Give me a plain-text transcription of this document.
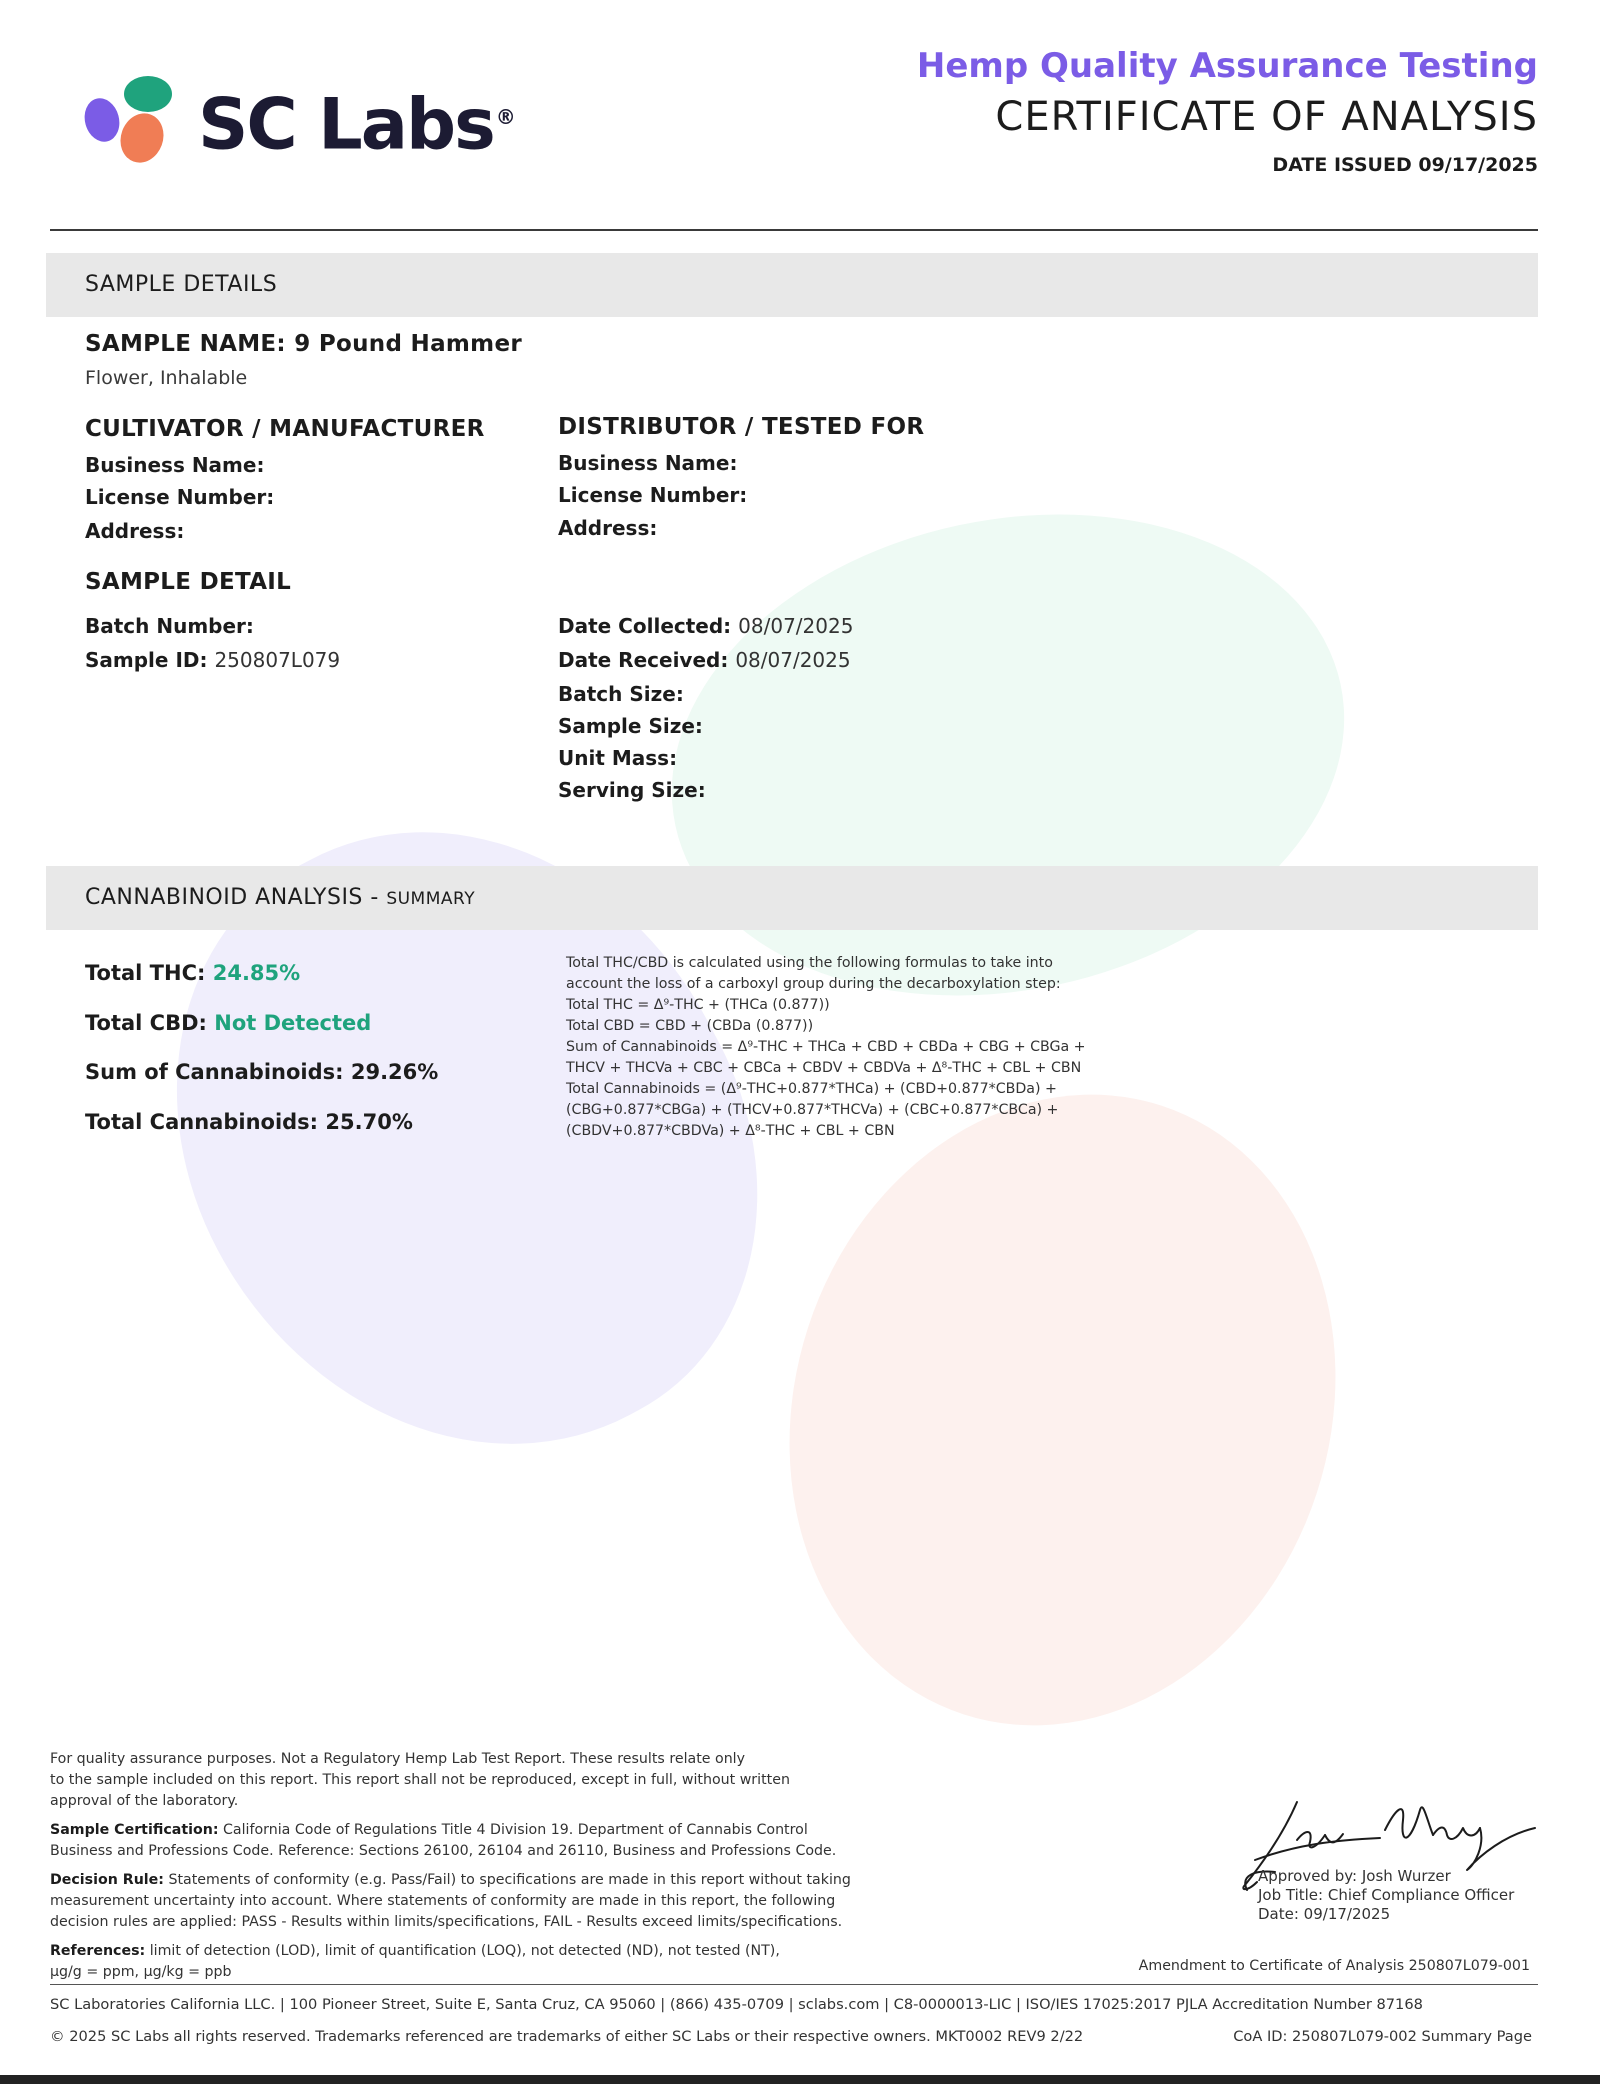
SC Labs ®
Hemp Quality Assurance Testing
CERTIFICATE OF ANALYSIS
DATE ISSUED 09/17/2025
SAMPLE DETAILS
SAMPLE NAME: 9 Pound Hammer
Flower, Inhalable
CULTIVATOR / MANUFACTURER
Business Name:
License Number:
Address:
DISTRIBUTOR / TESTED FOR
Business Name:
License Number:
Address:
SAMPLE DETAIL
Batch Number:
Sample ID: 250807L079
Date Collected: 08/07/2025
Date Received: 08/07/2025
Batch Size:
Sample Size:
Unit Mass:
Serving Size:
CANNABINOID ANALYSIS - SUMMARY
Total THC: 24.85%
Total CBD: Not Detected
Sum of Cannabinoids: 29.26%
Total Cannabinoids: 25.70%
Total THC/CBD is calculated using the following formulas to take into
account the loss of a carboxyl group during the decarboxylation step:
Total THC = Δ⁹-THC + (THCa (0.877))
Total CBD = CBD + (CBDa (0.877))
Sum of Cannabinoids = Δ⁹-THC + THCa + CBD + CBDa + CBG + CBGa +
THCV + THCVa + CBC + CBCa + CBDV + CBDVa + Δ⁸-THC + CBL + CBN
Total Cannabinoids = (Δ⁹-THC+0.877*THCa) + (CBD+0.877*CBDa) +
(CBG+0.877*CBGa) + (THCV+0.877*THCVa) + (CBC+0.877*CBCa) +
(CBDV+0.877*CBDVa) + Δ⁸-THC + CBL + CBN
For quality assurance purposes. Not a Regulatory Hemp Lab Test Report. These results relate only
to the sample included on this report. This report shall not be reproduced, except in full, without written
approval of the laboratory.
Sample Certification: California Code of Regulations Title 4 Division 19. Department of Cannabis Control
Business and Professions Code. Reference: Sections 26100, 26104 and 26110, Business and Professions Code.
Decision Rule: Statements of conformity (e.g. Pass/Fail) to specifications are made in this report without taking
measurement uncertainty into account. Where statements of conformity are made in this report, the following
decision rules are applied: PASS - Results within limits/specifications, FAIL - Results exceed limits/specifications.
References: limit of detection (LOD), limit of quantification (LOQ), not detected (ND), not tested (NT),
µg/g = ppm, µg/kg = ppb
Approved by: Josh Wurzer
Job Title: Chief Compliance Officer
Date: 09/17/2025
Amendment to Certificate of Analysis 250807L079-001
SC Laboratories California LLC. | 100 Pioneer Street, Suite E, Santa Cruz, CA 95060 | (866) 435-0709 | sclabs.com | C8-0000013-LIC | ISO/IES 17025:2017 PJLA Accreditation Number 87168
© 2025 SC Labs all rights reserved. Trademarks referenced are trademarks of either SC Labs or their respective owners. MKT0002 REV9 2/22	CoA ID: 250807L079-002 Summary Page
